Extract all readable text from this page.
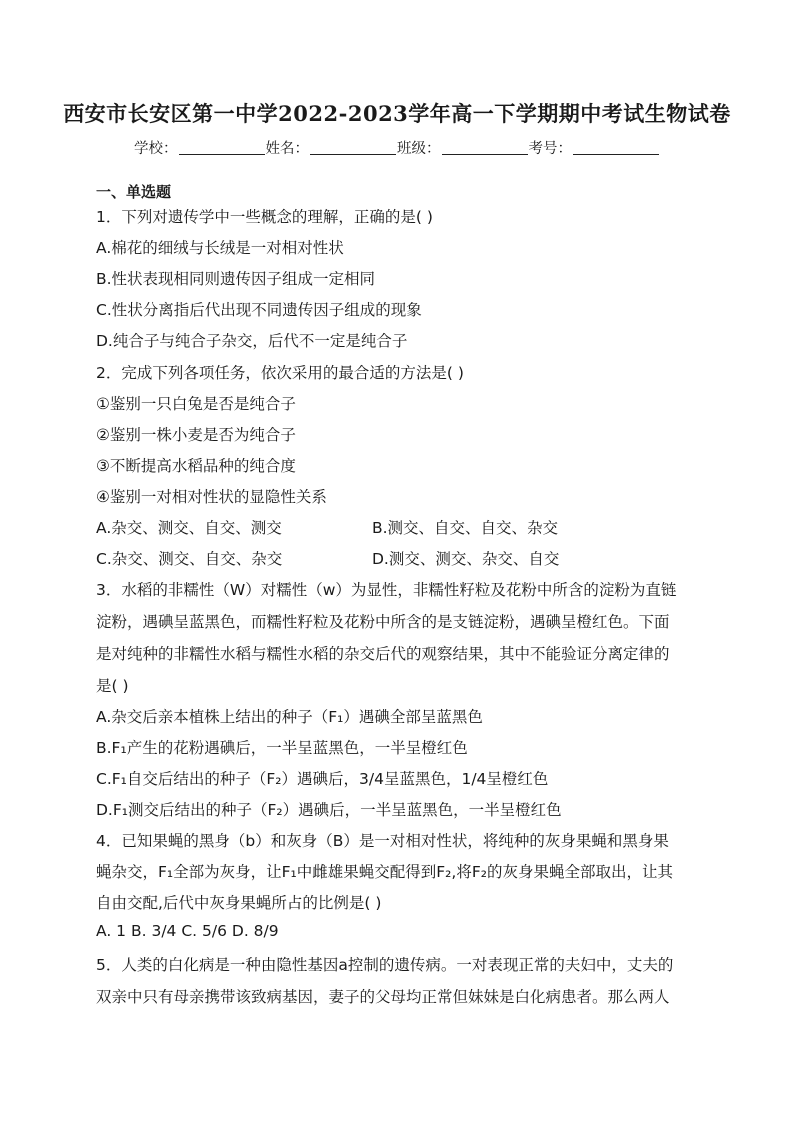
西安市长安区第一中学2022-2023学年高一下学期期中考试生物试卷
学校：	姓名：	班级：	考号：
一、单选题
1．下列对遗传学中一些概念的理解，正确的是( )
A.棉花的细绒与长绒是一对相对性状
B.性状表现相同则遗传因子组成一定相同
C.性状分离指后代出现不同遗传因子组成的现象
D.纯合子与纯合子杂交，后代不一定是纯合子
2．完成下列各项任务，依次采用的最合适的方法是( )
①鉴别一只白兔是否是纯合子
②鉴别一株小麦是否为纯合子
③不断提高水稻品种的纯合度
④鉴别一对相对性状的显隐性关系
A.杂交、测交、自交、测交	B.测交、自交、自交、杂交
C.杂交、测交、自交、杂交	D.测交、测交、杂交、自交
3．水稻的非糯性（W）对糯性（w）为显性，非糯性籽粒及花粉中所含的淀粉为直链
淀粉，遇碘呈蓝黑色，而糯性籽粒及花粉中所含的是支链淀粉，遇碘呈橙红色。下面
是对纯种的非糯性水稻与糯性水稻的杂交后代的观察结果，其中不能验证分离定律的
是( )
A.杂交后亲本植株上结出的种子（F₁）遇碘全部呈蓝黑色
B.F₁产生的花粉遇碘后，一半呈蓝黑色，一半呈橙红色
C.F₁自交后结出的种子（F₂）遇碘后，3/4呈蓝黑色，1/4呈橙红色
D.F₁测交后结出的种子（F₂）遇碘后，一半呈蓝黑色，一半呈橙红色
4．已知果蝇的黑身（b）和灰身（B）是一对相对性状，将纯种的灰身果蝇和黑身果
蝇杂交，F₁全部为灰身，让F₁中雌雄果蝇交配得到F₂,将F₂的灰身果蝇全部取出，让其
自由交配,后代中灰身果蝇所占的比例是( )
A. 1 B. 3/4 C. 5/6 D. 8/9
5．人类的白化病是一种由隐性基因a控制的遗传病。一对表现正常的夫妇中，丈夫的
双亲中只有母亲携带该致病基因，妻子的父母均正常但妹妹是白化病患者。那么两人
